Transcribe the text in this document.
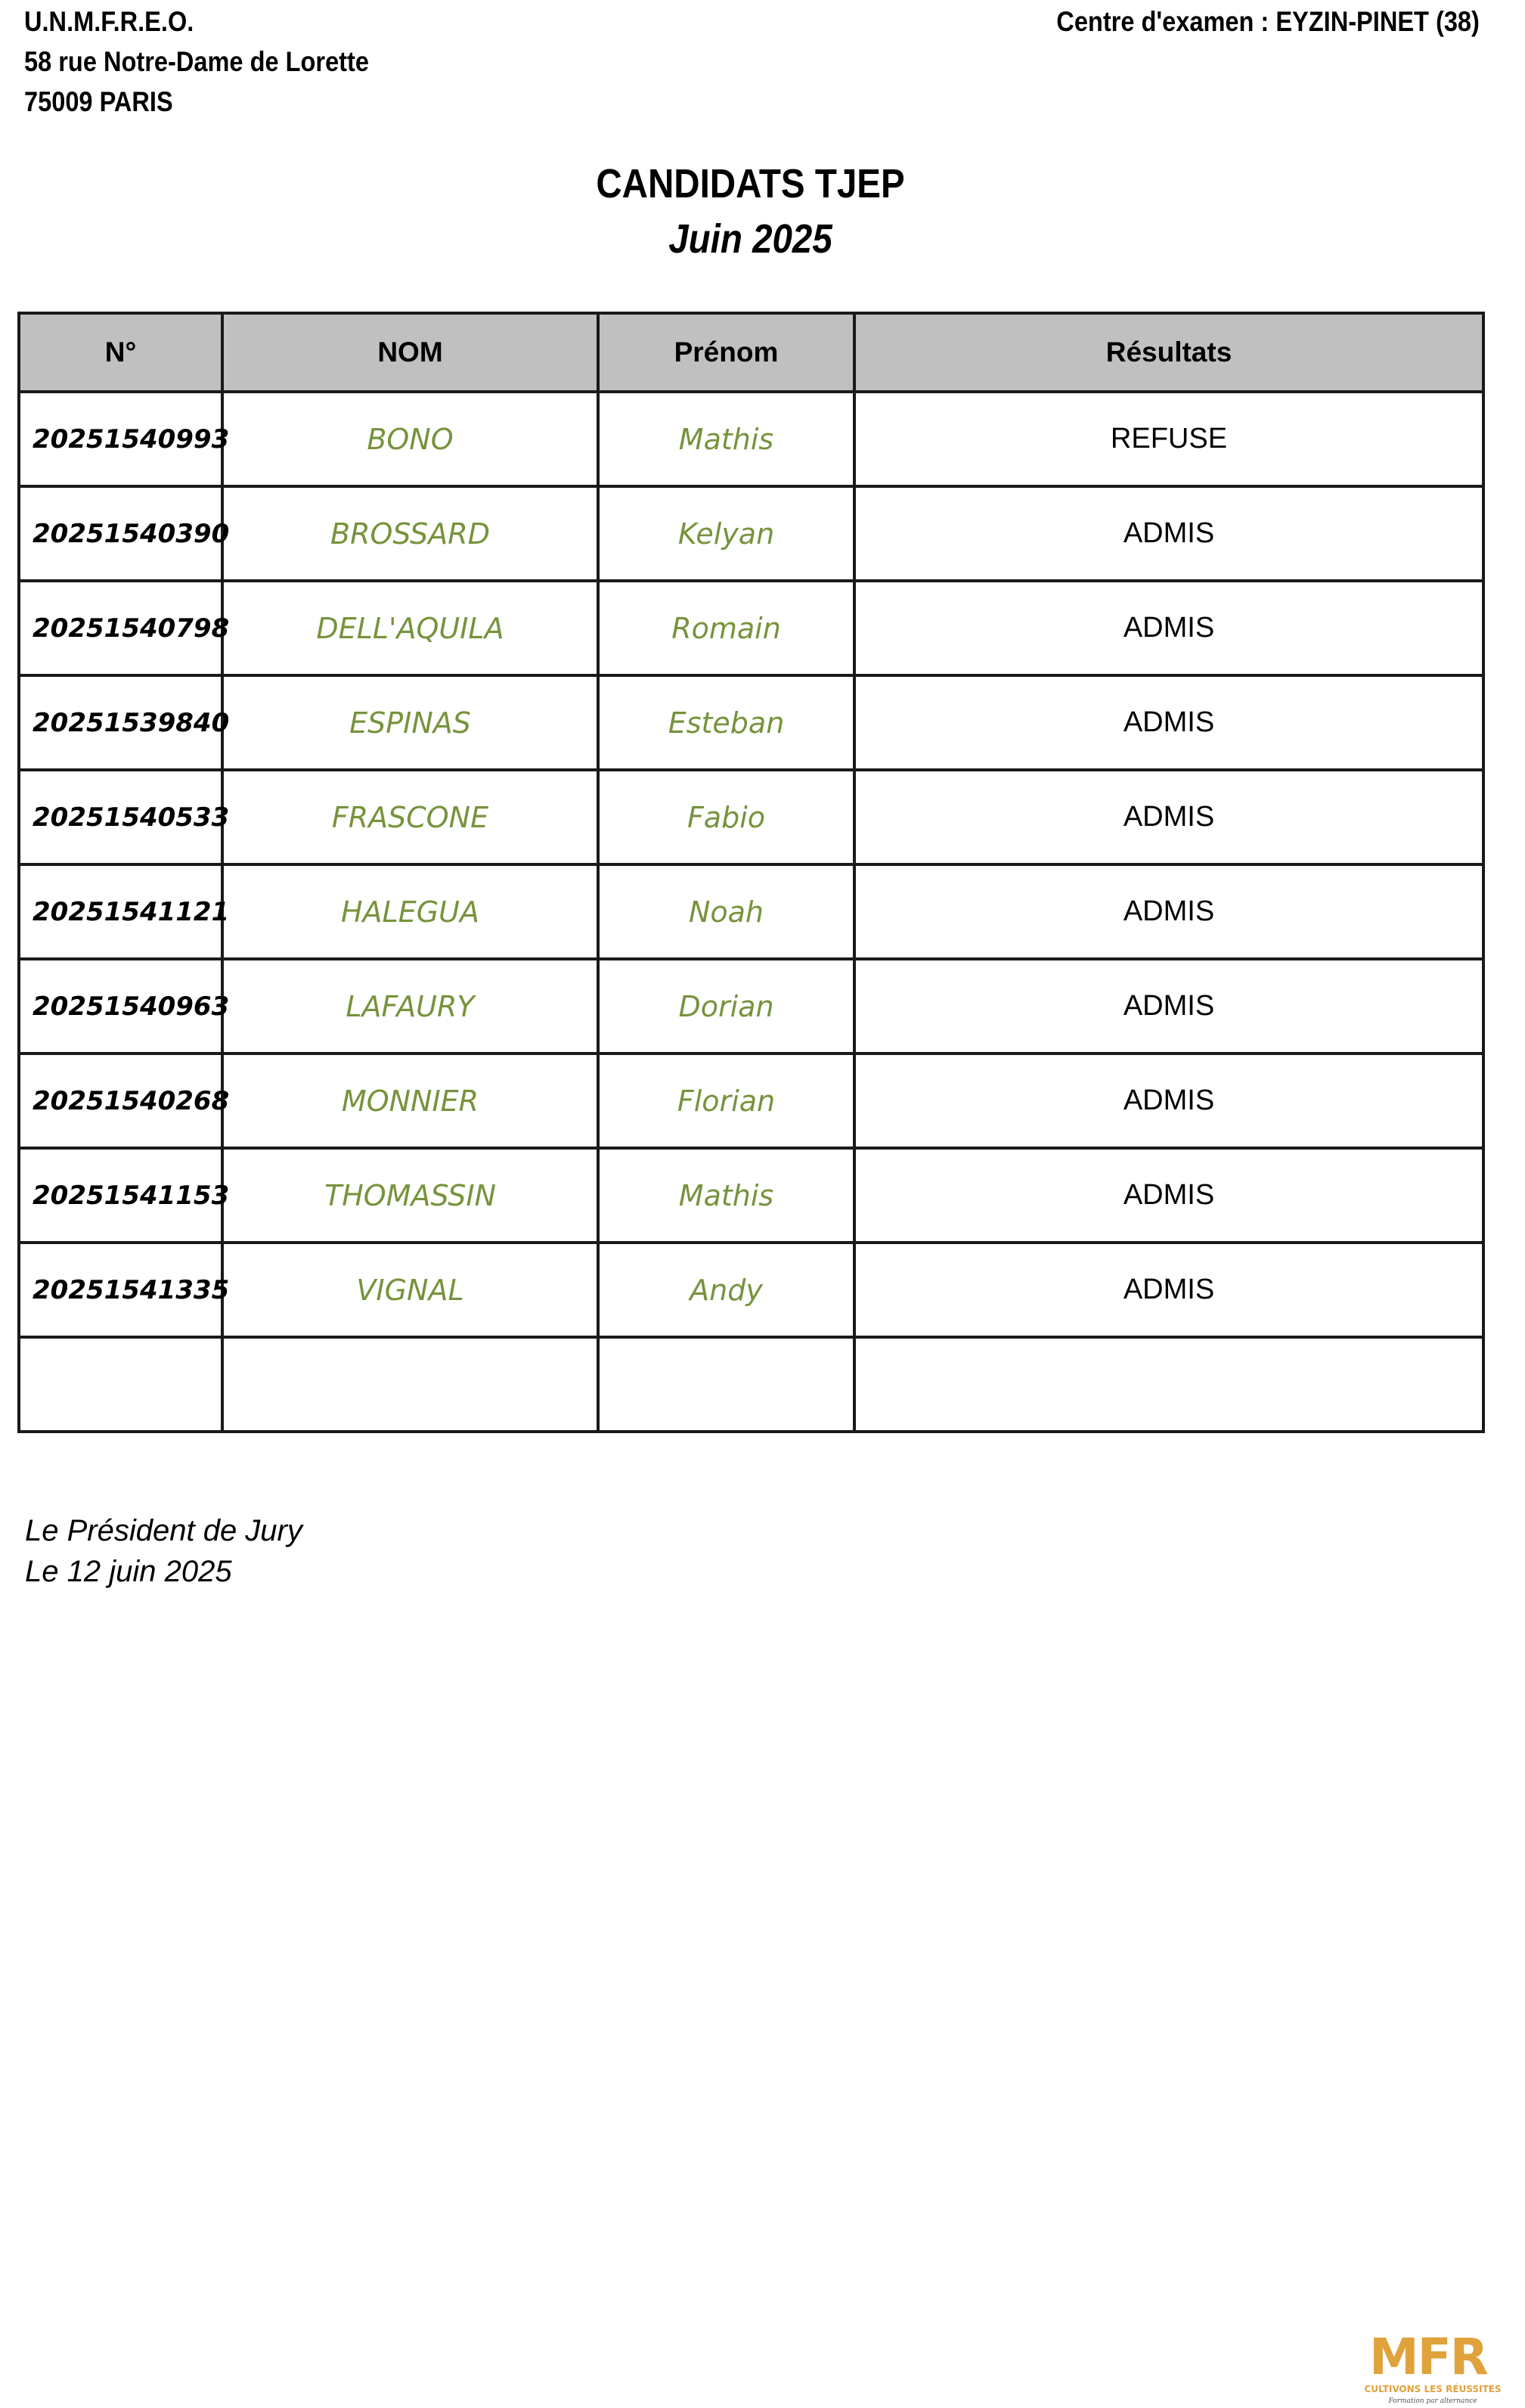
U.N.M.F.R.E.O.
58 rue Notre-Dame de Lorette
75009 PARIS
Centre d'examen : EYZIN-PINET (38)
CANDIDATS TJEP
Juin 2025
N°	NOM	Prénom	Résultats
20251540993	BONO	Mathis	REFUSE
20251540390	BROSSARD	Kelyan	ADMIS
20251540798	DELL'AQUILA	Romain	ADMIS
20251539840	ESPINAS	Esteban	ADMIS
20251540533	FRASCONE	Fabio	ADMIS
20251541121	HALEGUA	Noah	ADMIS
20251540963	LAFAURY	Dorian	ADMIS
20251540268	MONNIER	Florian	ADMIS
20251541153	THOMASSIN	Mathis	ADMIS
20251541335	VIGNAL	Andy	ADMIS

Le Président de Jury
Le 12 juin 2025
MFR
CULTIVONS LES RÉUSSITES
Formation par alternance
